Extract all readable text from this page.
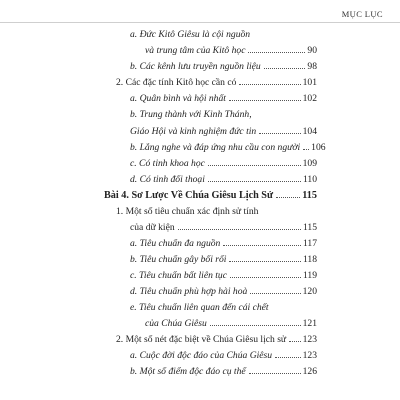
MỤC LỤC
a. Đức Kitô Giêsu là cội nguồn
và trung tâm của Kitô học	90
b. Các kênh lưu truyền nguồn liệu	98
2. Các đặc tính Kitô học cần có	101
a. Quân bình và hội nhất	102
b. Trung thành với Kinh Thánh,
Giáo Hội và kinh nghiệm đức tin	104
b. Lắng nghe và đáp ứng nhu cầu con người 106
c. Có tinh khoa học	109
d. Có tinh đối thoại	110
Bài 4. Sơ Lược Về Chúa Giêsu Lịch Sử	115
1. Một số tiêu chuẩn xác định sử tính
của dữ kiện	115
a. Tiêu chuẩn đa nguồn	117
b. Tiêu chuẩn gây bối rối	118
c. Tiêu chuẩn bất liên tục	119
d. Tiêu chuẩn phù hợp hài hoà	120
e. Tiêu chuẩn liên quan đến cái chết
của Chúa Giêsu	121
2. Một số nét đặc biệt về Chúa Giêsu lịch sử 123
a. Cuộc đời độc đáo của Chúa Giêsu	123
b. Một số điểm độc đáo cụ thể	126
